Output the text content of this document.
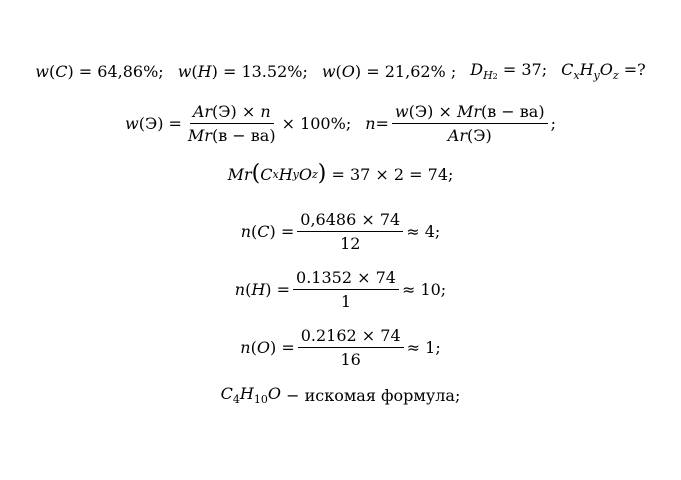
w(C) = 64,86%; w(H) = 13.52%; w(O) = 21,62% ; $D_{H2} = 37$; $C_xH_yO_z$ =?
w $(Э) = \frac{Ar(Э) \times n}{Mr(в - ва)} \times 100\%$; $n = \frac{w(Э) \times Mr(в - ва)}{Ar(Э)}$ ;
Mr ( C x H y O z )
= 37 × 2 = 74;
n ( C ) = $\frac{0,6486 \times 74}{12} \approx 4$;
n ( H ) = $\frac{0.1352 \times 74}{1} \approx 10$;
n ( O ) = $\frac{0.2162 \times 74}{16} \approx 1$;
$C_4H_{10}O$
− искомая формула;
